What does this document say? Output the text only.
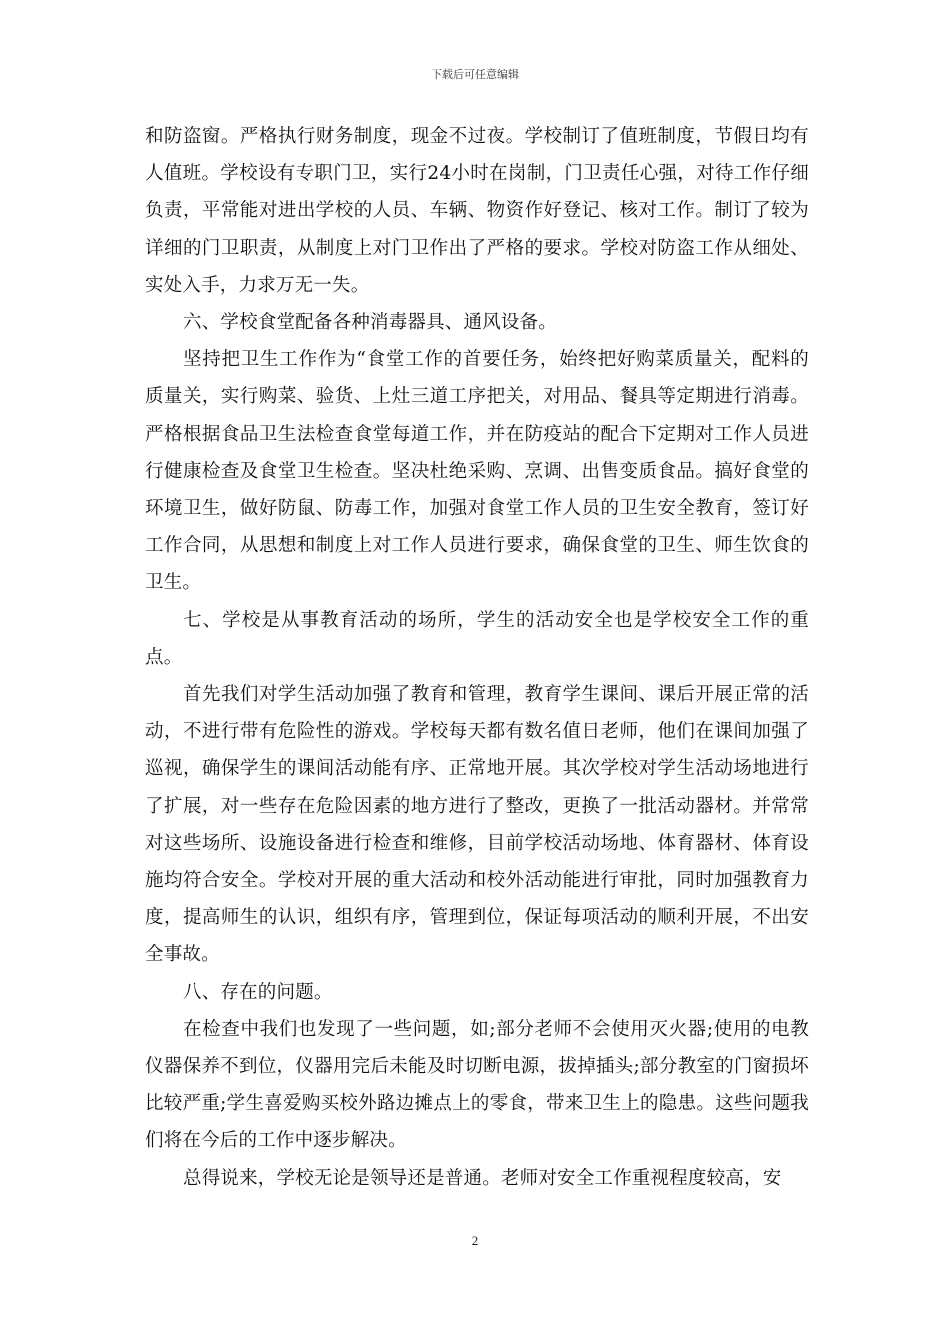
下载后可任意编辑

和防盗窗。严格执行财务制度，现金不过夜。学校制订了值班制度，节假日均有人值班。学校设有专职门卫，实行24小时在岗制，门卫责任心强，对待工作仔细负责，平常能对进出学校的人员、车辆、物资作好登记、核对工作。制订了较为详细的门卫职责，从制度上对门卫作出了严格的要求。学校对防盗工作从细处、实处入手，力求万无一失。

六、学校食堂配备各种消毒器具、通风设备。

坚持把卫生工作作为“食堂工作的首要任务，始终把好购菜质量关，配料的质量关，实行购菜、验货、上灶三道工序把关，对用品、餐具等定期进行消毒。严格根据食品卫生法检查食堂每道工作，并在防疫站的配合下定期对工作人员进行健康检查及食堂卫生检查。坚决杜绝采购、烹调、出售变质食品。搞好食堂的环境卫生，做好防鼠、防毒工作，加强对食堂工作人员的卫生安全教育，签订好工作合同，从思想和制度上对工作人员进行要求，确保食堂的卫生、师生饮食的卫生。

七、学校是从事教育活动的场所，学生的活动安全也是学校安全工作的重点。

首先我们对学生活动加强了教育和管理，教育学生课间、课后开展正常的活动，不进行带有危险性的游戏。学校每天都有数名值日老师，他们在课间加强了巡视，确保学生的课间活动能有序、正常地开展。其次学校对学生活动场地进行了扩展，对一些存在危险因素的地方进行了整改，更换了一批活动器材。并常常对这些场所、设施设备进行检查和维修，目前学校活动场地、体育器材、体育设施均符合安全。学校对开展的重大活动和校外活动能进行审批，同时加强教育力度，提高师生的认识，组织有序，管理到位，保证每项活动的顺利开展，不出安全事故。

八、存在的问题。

在检查中我们也发现了一些问题，如;部分老师不会使用灭火器;使用的电教仪器保养不到位，仪器用完后未能及时切断电源，拔掉插头;部分教室的门窗损坏比较严重;学生喜爱购买校外路边摊点上的零食，带来卫生上的隐患。这些问题我们将在今后的工作中逐步解决。

总得说来，学校无论是领导还是普通。老师对安全工作重视程度较高，安

2
